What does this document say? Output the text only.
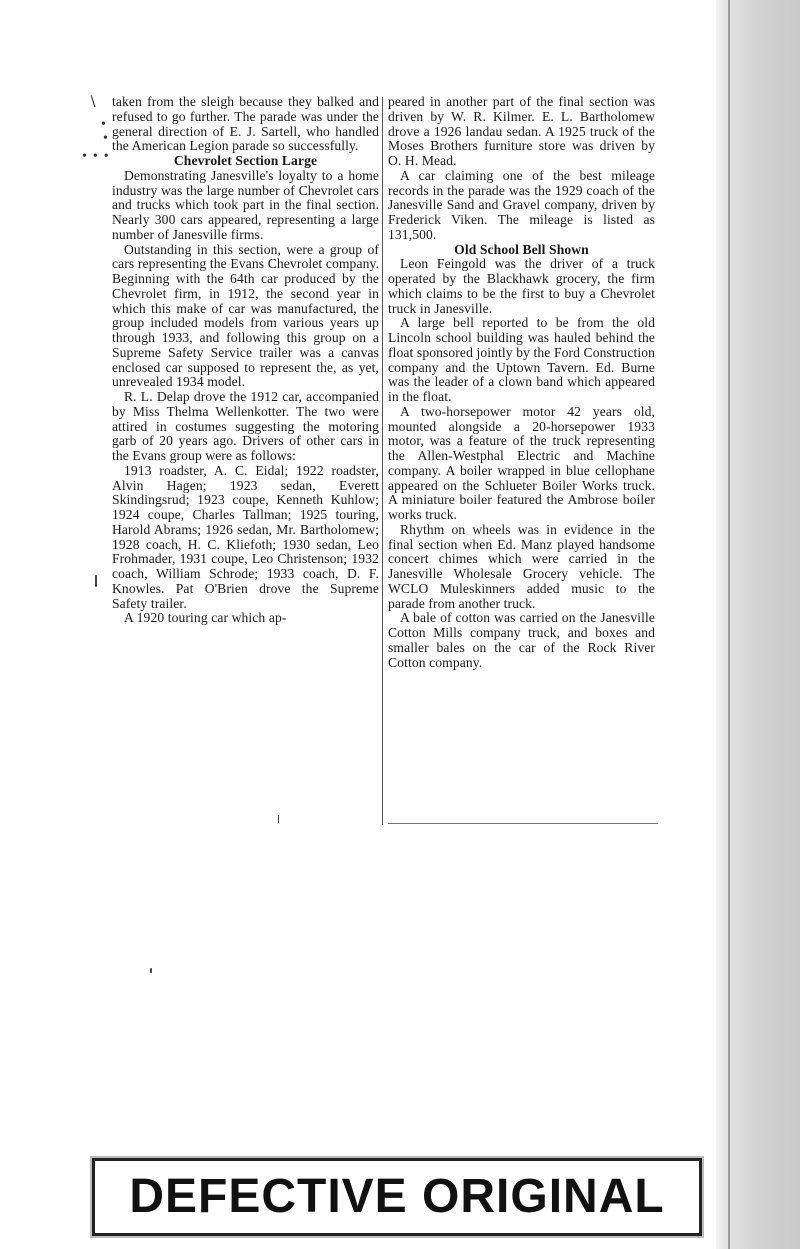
∖
•
•
•••

taken from the sleigh because they balked and refused to go further. The parade was under the general direction of E. J. Sartell, who handled the American Legion parade so successfully.

Chevrolet Section Large

Demonstrating Janesville's loyalty to a home industry was the large number of Chevrolet cars and trucks which took part in the final section. Nearly 300 cars appeared, representing a large number of Janesville firms.

Outstanding in this section, were a group of cars representing the Evans Chevrolet company. Beginning with the 64th car produced by the Chevrolet firm, in 1912, the second year in which this make of car was manufactured, the group included models from various years up through 1933, and following this group on a Supreme Safety Service trailer was a canvas enclosed car supposed to represent the, as yet, unrevealed 1934 model.

R. L. Delap drove the 1912 car, accompanied by Miss Thelma Wellenkotter. The two were attired in costumes suggesting the motoring garb of 20 years ago. Drivers of other cars in the Evans group were as follows:

1913 roadster, A. C. Eidal; 1922 roadster, Alvin Hagen; 1923 sedan, Everett Skindingsrud; 1923 coupe, Kenneth Kuhlow; 1924 coupe, Charles Tallman; 1925 touring, Harold Abrams; 1926 sedan, Mr. Bartholomew; 1928 coach, H. C. Kliefoth; 1930 sedan, Leo Frohmader, 1931 coupe, Leo Christenson; 1932 coach, William Schrode; 1933 coach, D. F. Knowles. Pat O'Brien drove the Supreme Safety trailer.

A 1920 touring car which ap-

peared in another part of the final section was driven by W. R. Kilmer. E. L. Bartholomew drove a 1926 landau sedan. A 1925 truck of the Moses Brothers furniture store was driven by O. H. Mead.

A car claiming one of the best mileage records in the parade was the 1929 coach of the Janesville Sand and Gravel company, driven by Frederick Viken. The mileage is listed as 131,500.

Old School Bell Shown

Leon Feingold was the driver of a truck operated by the Blackhawk grocery, the firm which claims to be the first to buy a Chevrolet truck in Janesville.

A large bell reported to be from the old Lincoln school building was hauled behind the float sponsored jointly by the Ford Construction company and the Uptown Tavern. Ed. Burne was the leader of a clown band which appeared in the float.

A two-horsepower motor 42 years old, mounted alongside a 20-horsepower 1933 motor, was a feature of the truck representing the Allen-Westphal Electric and Machine company. A boiler wrapped in blue cellophane appeared on the Schlueter Boiler Works truck. A miniature boiler featured the Ambrose boiler works truck.

Rhythm on wheels was in evidence in the final section when Ed. Manz played handsome concert chimes which were carried in the Janesville Wholesale Grocery vehicle. The WCLO Muleskinners added music to the parade from another truck.

A bale of cotton was carried on the Janesville Cotton Mills company truck, and boxes and smaller bales on the car of the Rock River Cotton company.

DEFECTIVE ORIGINAL
